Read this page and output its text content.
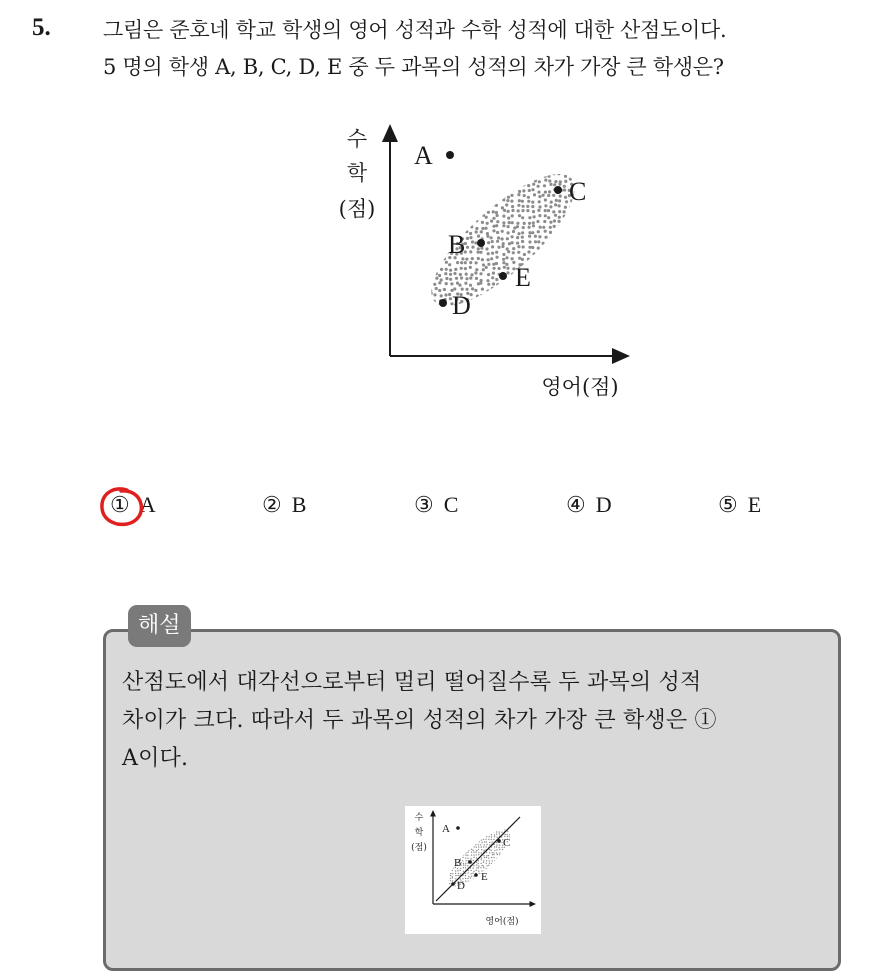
5. 그림은 준호네 학교 학생의 영어 성적과 수학 성적에 대한 산점도이다.
5 명의 학생 A, B, C, D, E 중 두 과목의 성적의 차가 가장 큰 학생은?
수
학
(점)
영어(점)
A
B
C
D
E
① A	② B	③ C	④ D	⑤ E
해설
산점도에서 대각선으로부터 멀리 떨어질수록 두 과목의 성적
차이가 크다. 따라서 두 과목의 성적의 차가 가장 큰 학생은 ①
A이다.
수
학
(점)
영어(점)
A
B
C
D
E
